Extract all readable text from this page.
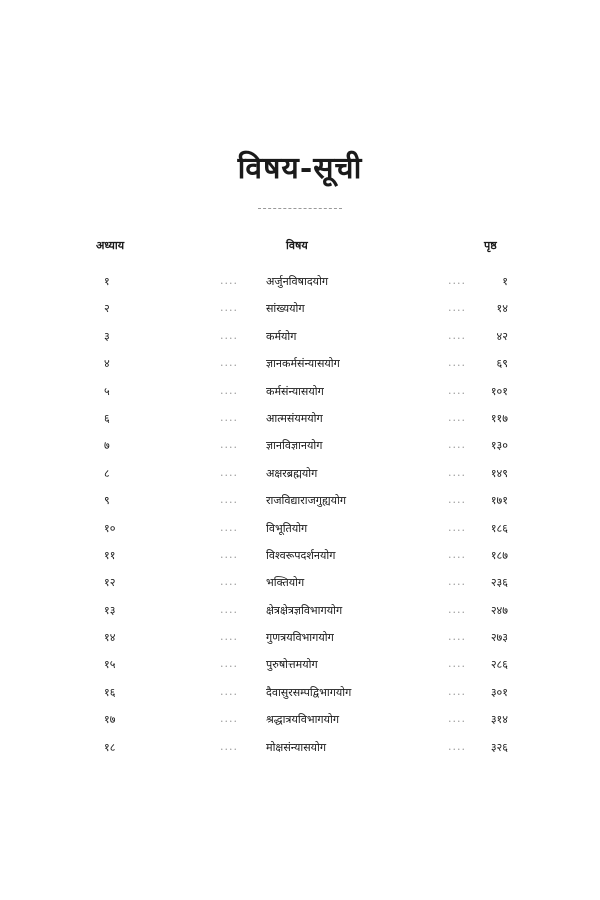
विषय-सूची
अध्याय	विषय	पृष्ठ
१	....	अर्जुनविषादयोग	....	१
२	....	सांख्ययोग	....	१४
३	....	कर्मयोग	....	४२
४	....	ज्ञानकर्मसंन्यासयोग	....	६९
५	....	कर्मसंन्यासयोग	.... १०१
६	....	आत्मसंयमयोग	.... ११७
७	....	ज्ञानविज्ञानयोग	.... १३०
८	....	अक्षरब्रह्मयोग	.... १४९
९	....	राजविद्याराजगुह्ययोग	.... १७१
१०	....	विभूतियोग	.... १८६
११	....	विश्वरूपदर्शनयोग	.... १८७
१२	....	भक्तियोग	.... २३६
१३	....	क्षेत्रक्षेत्रज्ञविभागयोग	.... २४७
१४	....	गुणत्रयविभागयोग	.... २७३
१५	....	पुरुषोत्तमयोग	.... २८६
१६	....	दैवासुरसम्पद्विभागयोग	.... ३०१
१७	....	श्रद्धात्रयविभागयोग	.... ३१४
१८	....	मोक्षसंन्यासयोग	.... ३२६
